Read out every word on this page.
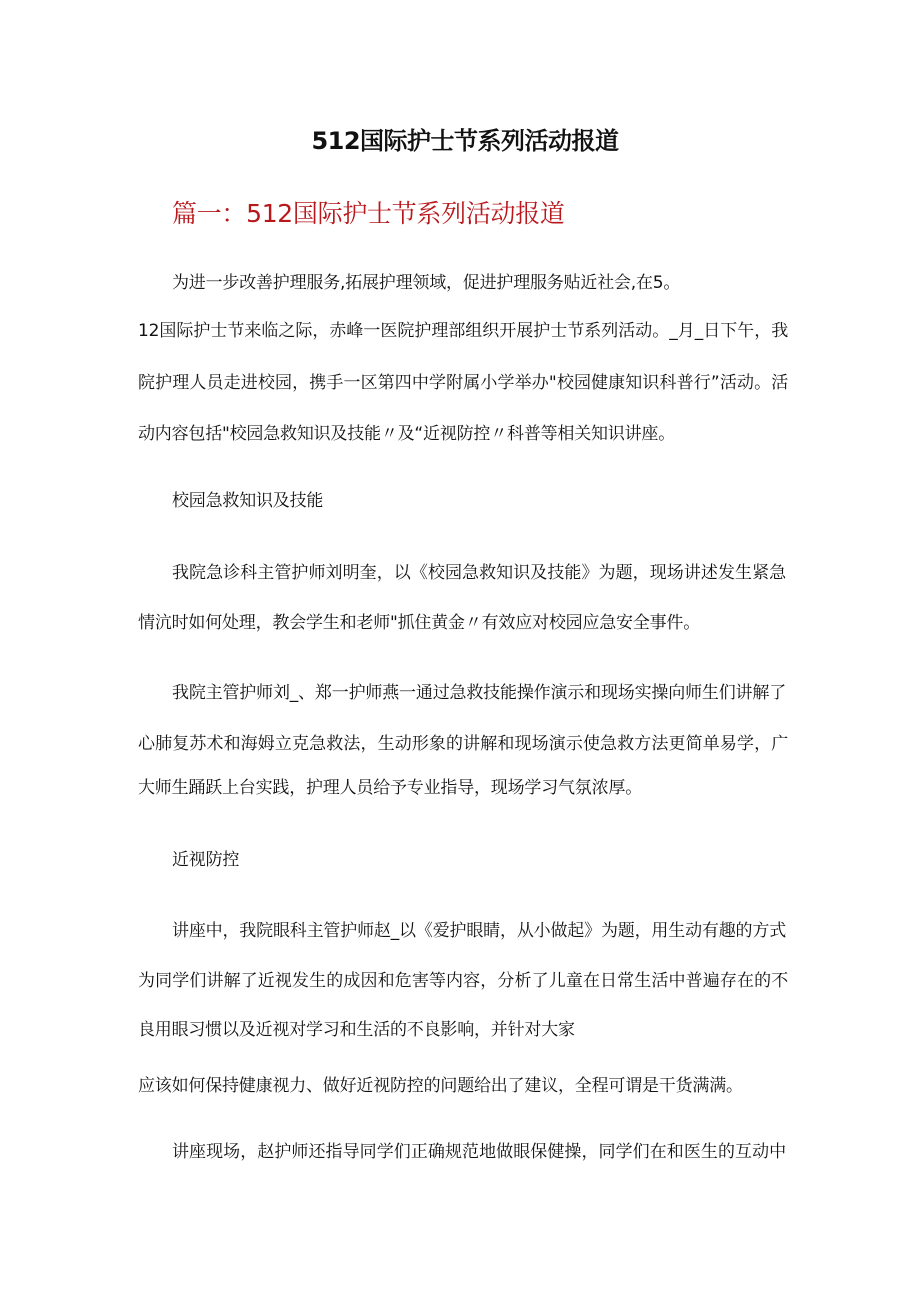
512国际护士节系列活动报道
篇一：512国际护士节系列活动报道
为进一步改善护理服务,拓展护理领域，促进护理服务贴近社会,在5。
12国际护士节来临之际，赤峰一医院护理部组织开展护士节系列活动。_月_日下午，我
院护理人员走进校园，携手一区第四中学附属小学举办"校园健康知识科普行”活动。活
动内容包括"校园急救知识及技能〃及“近视防控〃科普等相关知识讲座。
校园急救知识及技能
我院急诊科主管护师刘明奎，以《校园急救知识及技能》为题，现场讲述发生紧急
情沆时如何处理，教会学生和老师"抓住黄金〃有效应对校园应急安全事件。
我院主管护师刘_、郑一护师燕一通过急救技能操作演示和现场实操向师生们讲解了
心肺复苏术和海姆立克急救法，生动形象的讲解和现场演示使急救方法更简单易学，广
大师生踊跃上台实践，护理人员给予专业指导，现场学习气氛浓厚。
近视防控
讲座中，我院眼科主管护师赵_以《爱护眼睛，从小做起》为题，用生动有趣的方式
为同学们讲解了近视发生的成因和危害等内容，分析了儿童在日常生活中普遍存在的不
良用眼习惯以及近视对学习和生活的不良影响，并针对大家
应该如何保持健康视力、做好近视防控的问题给出了建议，全程可谓是干货满满。
讲座现场，赵护师还指导同学们正确规范地做眼保健操，同学们在和医生的互动中
